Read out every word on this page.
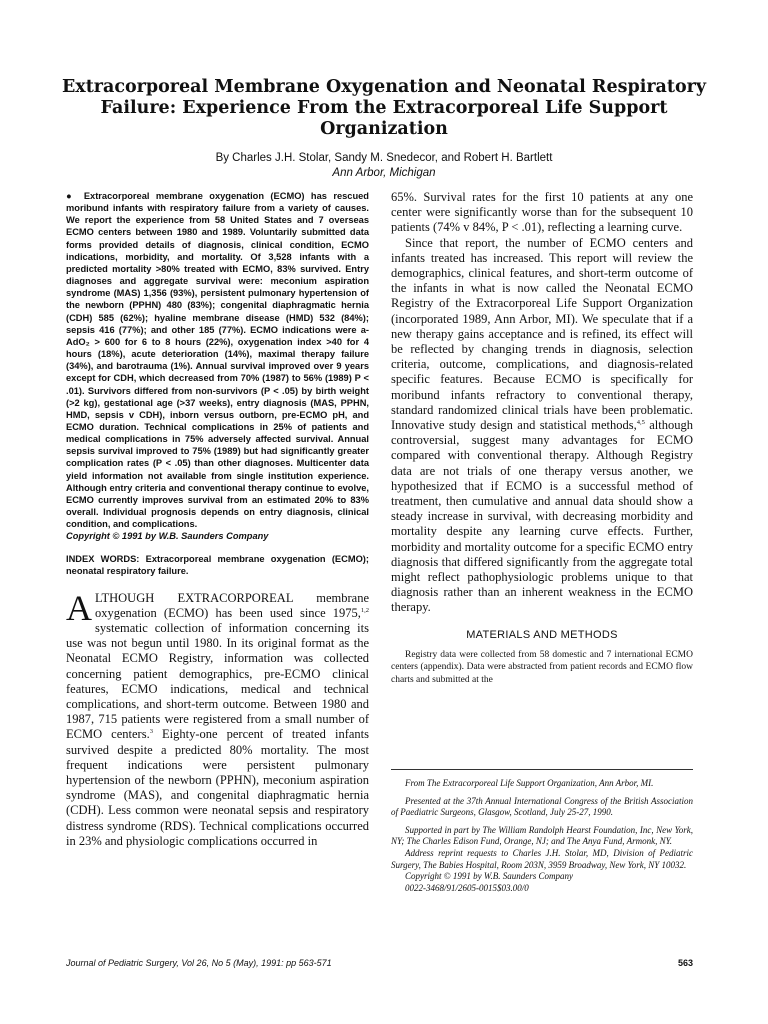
Extracorporeal Membrane Oxygenation and Neonatal Respiratory Failure: Experience From the Extracorporeal Life Support Organization
By Charles J.H. Stolar, Sandy M. Snedecor, and Robert H. Bartlett
Ann Arbor, Michigan

● Extracorporeal membrane oxygenation (ECMO) has rescued moribund infants with respiratory failure from a variety of causes. We report the experience from 58 United States and 7 overseas ECMO centers between 1980 and 1989. Voluntarily submitted data forms provided details of diagnosis, clinical condition, ECMO indications, morbidity, and mortality. Of 3,528 infants with a predicted mortality >80% treated with ECMO, 83% survived. Entry diagnoses and aggregate survival were: meconium aspiration syndrome (MAS) 1,356 (93%), persistent pulmonary hypertension of the newborn (PPHN) 480 (83%); congenital diaphragmatic hernia (CDH) 585 (62%); hyaline membrane disease (HMD) 532 (84%); sepsis 416 (77%); and other 185 (77%). ECMO indications were a-AdO₂ > 600 for 6 to 8 hours (22%), oxygenation index >40 for 4 hours (18%), acute deterioration (14%), maximal therapy failure (34%), and barotrauma (1%). Annual survival improved over 9 years except for CDH, which decreased from 70% (1987) to 56% (1989) P < .01). Survivors differed from non-survivors (P < .05) by birth weight (>2 kg), gestational age (>37 weeks), entry diagnosis (MAS, PPHN, HMD, sepsis v CDH), inborn versus outborn, pre-ECMO pH, and ECMO duration. Technical complications in 25% of patients and medical complications in 75% adversely affected survival. Annual sepsis survival improved to 75% (1989) but had significantly greater complication rates (P < .05) than other diagnoses. Multicenter data yield information not available from single institution experience. Although entry criteria and conventional therapy continue to evolve, ECMO currently improves survival from an estimated 20% to 83% overall. Individual prognosis depends on entry diagnosis, clinical condition, and complications.

Copyright © 1991 by W.B. Saunders Company

INDEX WORDS: Extracorporeal membrane oxygenation (ECMO); neonatal respiratory failure.

ALTHOUGH EXTRACORPOREAL membrane oxygenation (ECMO) has been used since 1975,$^{1,2}$ systematic collection of information concerning its use was not begun until 1980. In its original format as the Neonatal ECMO Registry, information was collected concerning patient demographics, pre-ECMO clinical features, ECMO indications, medical and technical complications, and short-term outcome. Between 1980 and 1987, 715 patients were registered from a small number of ECMO centers.$^3$ Eighty-one percent of treated infants survived despite a predicted 80% mortality. The most frequent indications were persistent pulmonary hypertension of the newborn (PPHN), meconium aspiration syndrome (MAS), and congenital diaphragmatic hernia (CDH). Less common were neonatal sepsis and respiratory distress syndrome (RDS). Technical complications occurred in 23% and physiologic complications occurred in

65%. Survival rates for the first 10 patients at any one center were significantly worse than for the subsequent 10 patients (74% v 84%, P < .01), reflecting a learning curve.

Since that report, the number of ECMO centers and infants treated has increased. This report will review the demographics, clinical features, and short-term outcome of the infants in what is now called the Neonatal ECMO Registry of the Extracorporeal Life Support Organization (incorporated 1989, Ann Arbor, MI). We speculate that if a new therapy gains acceptance and is refined, its effect will be reflected by changing trends in diagnosis, selection criteria, outcome, complications, and diagnosis-related specific features. Because ECMO is specifically for moribund infants refractory to conventional therapy, standard randomized clinical trials have been problematic. Innovative study design and statistical methods,$^{4,5}$ although controversial, suggest many advantages for ECMO compared with conventional therapy. Although Registry data are not trials of one therapy versus another, we hypothesized that if ECMO is a successful method of treatment, then cumulative and annual data should show a steady increase in survival, with decreasing morbidity and mortality despite any learning curve effects. Further, morbidity and mortality outcome for a specific ECMO entry diagnosis that differed significantly from the aggregate total might reflect pathophysiologic problems unique to that diagnosis rather than an inherent weakness in the ECMO therapy.

MATERIALS AND METHODS

Registry data were collected from 58 domestic and 7 international ECMO centers (appendix). Data were abstracted from patient records and ECMO flow charts and submitted at the

From The Extracorporeal Life Support Organization, Ann Arbor, MI.

Presented at the 37th Annual International Congress of the British Association of Paediatric Surgeons, Glasgow, Scotland, July 25-27, 1990.

Supported in part by The William Randolph Hearst Foundation, Inc, New York, NY; The Charles Edison Fund, Orange, NJ; and The Anya Fund, Armonk, NY.

Address reprint requests to Charles J.H. Stolar, MD, Division of Pediatric Surgery, The Babies Hospital, Room 203N, 3959 Broadway, New York, NY 10032.

Copyright © 1991 by W.B. Saunders Company

0022-3468/91/2605-0015$03.00/0

Journal of Pediatric Surgery, Vol 26, No 5 (May), 1991: pp 563-571	563
